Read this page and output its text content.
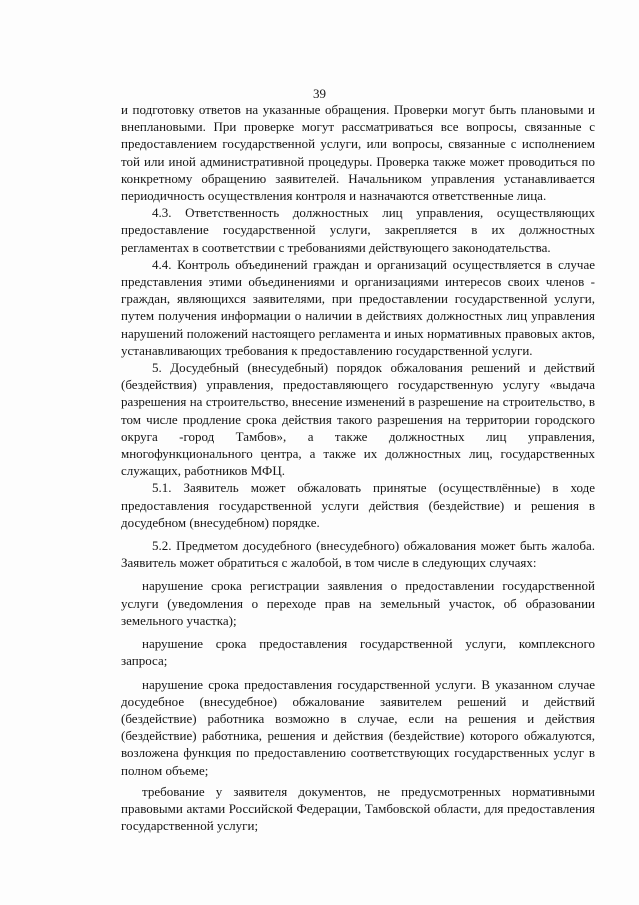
39

и подготовку ответов на указанные обращения. Проверки могут быть плановыми и внеплановыми. При проверке могут рассматриваться все вопросы, связанные с предоставлением государственной услуги, или вопросы, связанные с исполнением той или иной административной процедуры. Проверка также может проводиться по конкретному обращению заявителей. Начальником управления устанавливается периодичность осуществления контроля и назначаются ответственные лица.

4.3. Ответственность должностных лиц управления, осуществляющих предоставление государственной услуги, закрепляется в их должностных регламентах в соответствии с требованиями действующего законодательства.

4.4. Контроль объединений граждан и организаций осуществляется в случае представления этими объединениями и организациями интересов своих членов - граждан, являющихся заявителями, при предоставлении государственной услуги, путем получения информации о наличии в действиях должностных лиц управления нарушений положений настоящего регламента и иных нормативных правовых актов, устанавливающих требования к предоставлению государственной услуги.

5. Досудебный (внесудебный) порядок обжалования решений и действий (бездействия) управления, предоставляющего государственную услугу «выдача разрешения на строительство, внесение изменений в разрешение на строительство, в том числе продление срока действия такого разрешения на территории городского округа -город Тамбов», а также должностных лиц управления, многофункционального центра, а также их должностных лиц, государственных служащих, работников МФЦ.

5.1. Заявитель может обжаловать принятые (осуществлённые) в ходе предоставления государственной услуги действия (бездействие) и решения в досудебном (внесудебном) порядке.

5.2. Предметом досудебного (внесудебного) обжалования может быть жалоба. Заявитель может обратиться с жалобой, в том числе в следующих случаях:

нарушение срока регистрации заявления о предоставлении государственной услуги (уведомления о переходе прав на земельный участок, об образовании земельного участка);

нарушение срока предоставления государственной услуги, комплексного запроса;

нарушение срока предоставления государственной услуги. В указанном случае досудебное (внесудебное) обжалование заявителем решений и действий (бездействие) работника возможно в случае, если на решения и действия (бездействие) работника, решения и действия (бездействие) которого обжалуются, возложена функция по предоставлению соответствующих государственных услуг в полном объеме;

требование у заявителя документов, не предусмотренных нормативными правовыми актами Российской Федерации, Тамбовской области, для предоставления государственной услуги;
